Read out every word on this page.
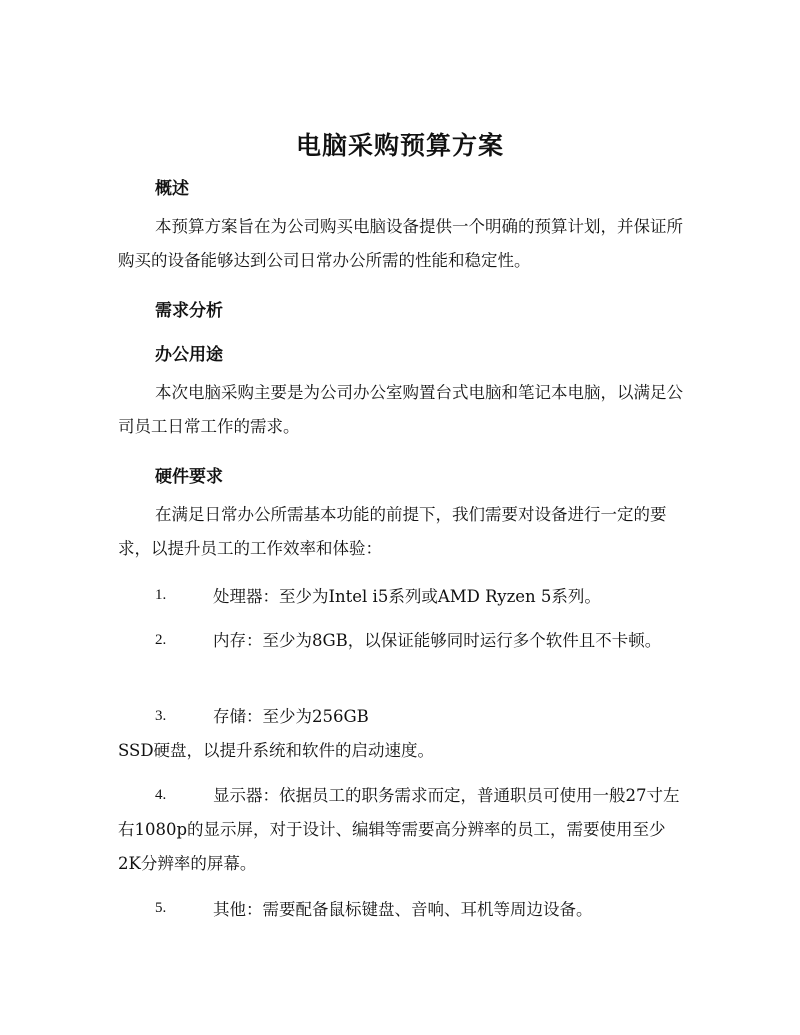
电脑采购预算方案
概述
本预算方案旨在为公司购买电脑设备提供一个明确的预算计划，并保证所购买的设备能够达到公司日常办公所需的性能和稳定性。
需求分析
办公用途
本次电脑采购主要是为公司办公室购置台式电脑和笔记本电脑，以满足公司员工日常工作的需求。
硬件要求
在满足日常办公所需基本功能的前提下，我们需要对设备进行一定的要求，以提升员工的工作效率和体验：
1.	处理器：至少为Intel i5系列或AMD Ryzen 5系列。
2.	内存：至少为8GB，以保证能够同时运行多个软件且不卡顿。
3.	存储：至少为256GB
SSD硬盘，以提升系统和软件的启动速度。
4.	显示器：依据员工的职务需求而定，普通职员可使用一般27寸左右1080p的显示屏，对于设计、编辑等需要高分辨率的员工，需要使用至少2K分辨率的屏幕。
5.	其他：需要配备鼠标键盘、音响、耳机等周边设备。
